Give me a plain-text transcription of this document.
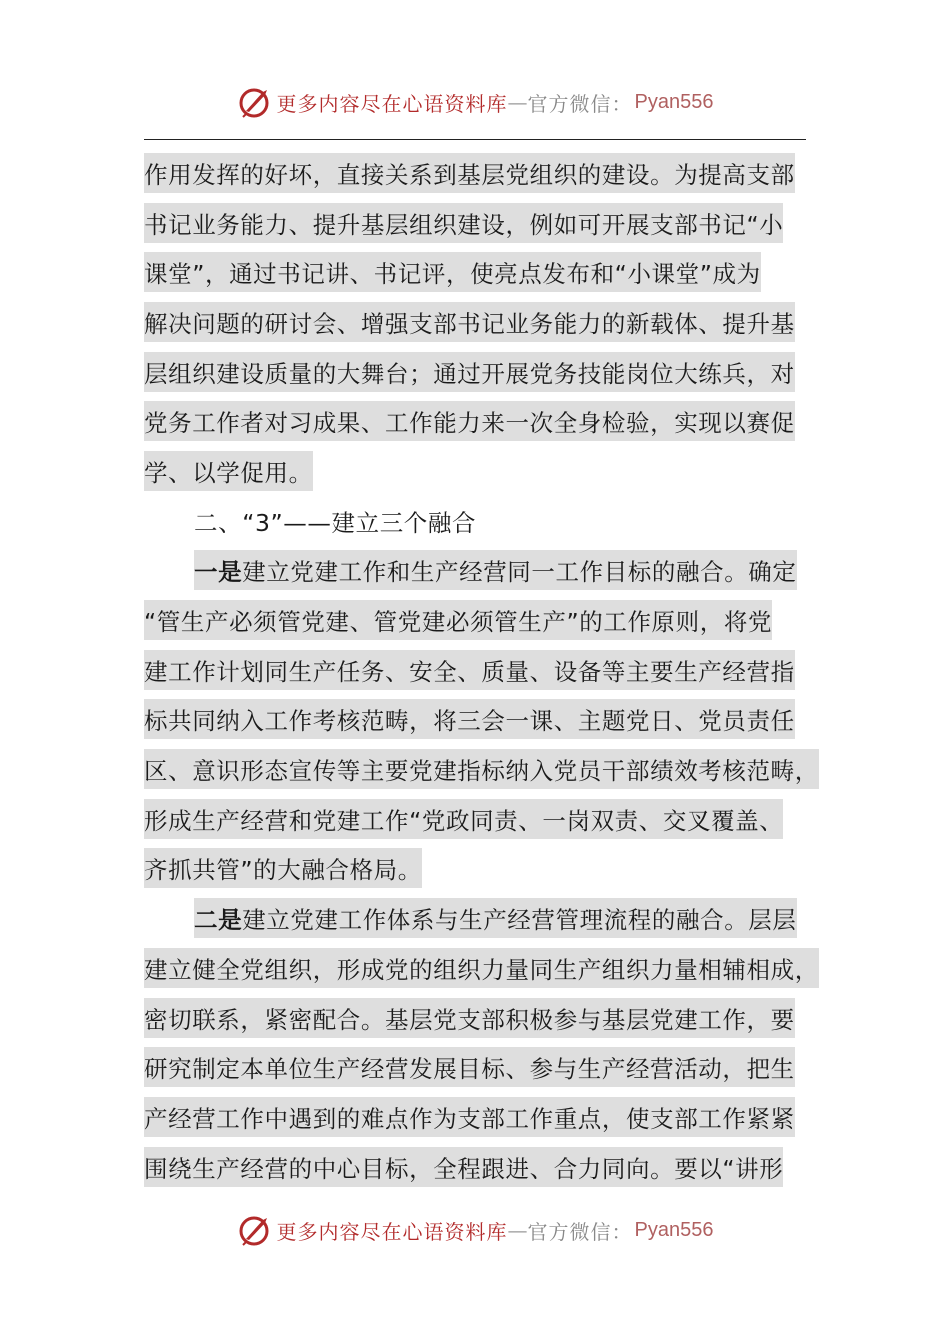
更多内容尽在心语资料库 — 官方微信： Pyan556
作用发挥的好坏，直接关系到基层党组织的建设。为提高支部
书记业务能力、提升基层组织建设，例如可开展支部书记“小
课堂”，通过书记讲、书记评，使亮点发布和“小课堂”成为
解决问题的研讨会、增强支部书记业务能力的新载体、提升基
层组织建设质量的大舞台；通过开展党务技能岗位大练兵，对
党务工作者对习成果、工作能力来一次全身检验，实现以赛促
学、以学促用。
二、“3”——建立三个融合
一是建立党建工作和生产经营同一工作目标的融合。确定
“管生产必须管党建、管党建必须管生产”的工作原则，将党
建工作计划同生产任务、安全、质量、设备等主要生产经营指
标共同纳入工作考核范畴，将三会一课、主题党日、党员责任
区、意识形态宣传等主要党建指标纳入党员干部绩效考核范畴，
形成生产经营和党建工作“党政同责、一岗双责、交叉覆盖、
齐抓共管”的大融合格局。
二是建立党建工作体系与生产经营管理流程的融合。层层
建立健全党组织，形成党的组织力量同生产组织力量相辅相成，
密切联系，紧密配合。基层党支部积极参与基层党建工作，要
研究制定本单位生产经营发展目标、参与生产经营活动，把生
产经营工作中遇到的难点作为支部工作重点，使支部工作紧紧
围绕生产经营的中心目标，全程跟进、合力同向。要以“讲形
更多内容尽在心语资料库 — 官方微信： Pyan556
